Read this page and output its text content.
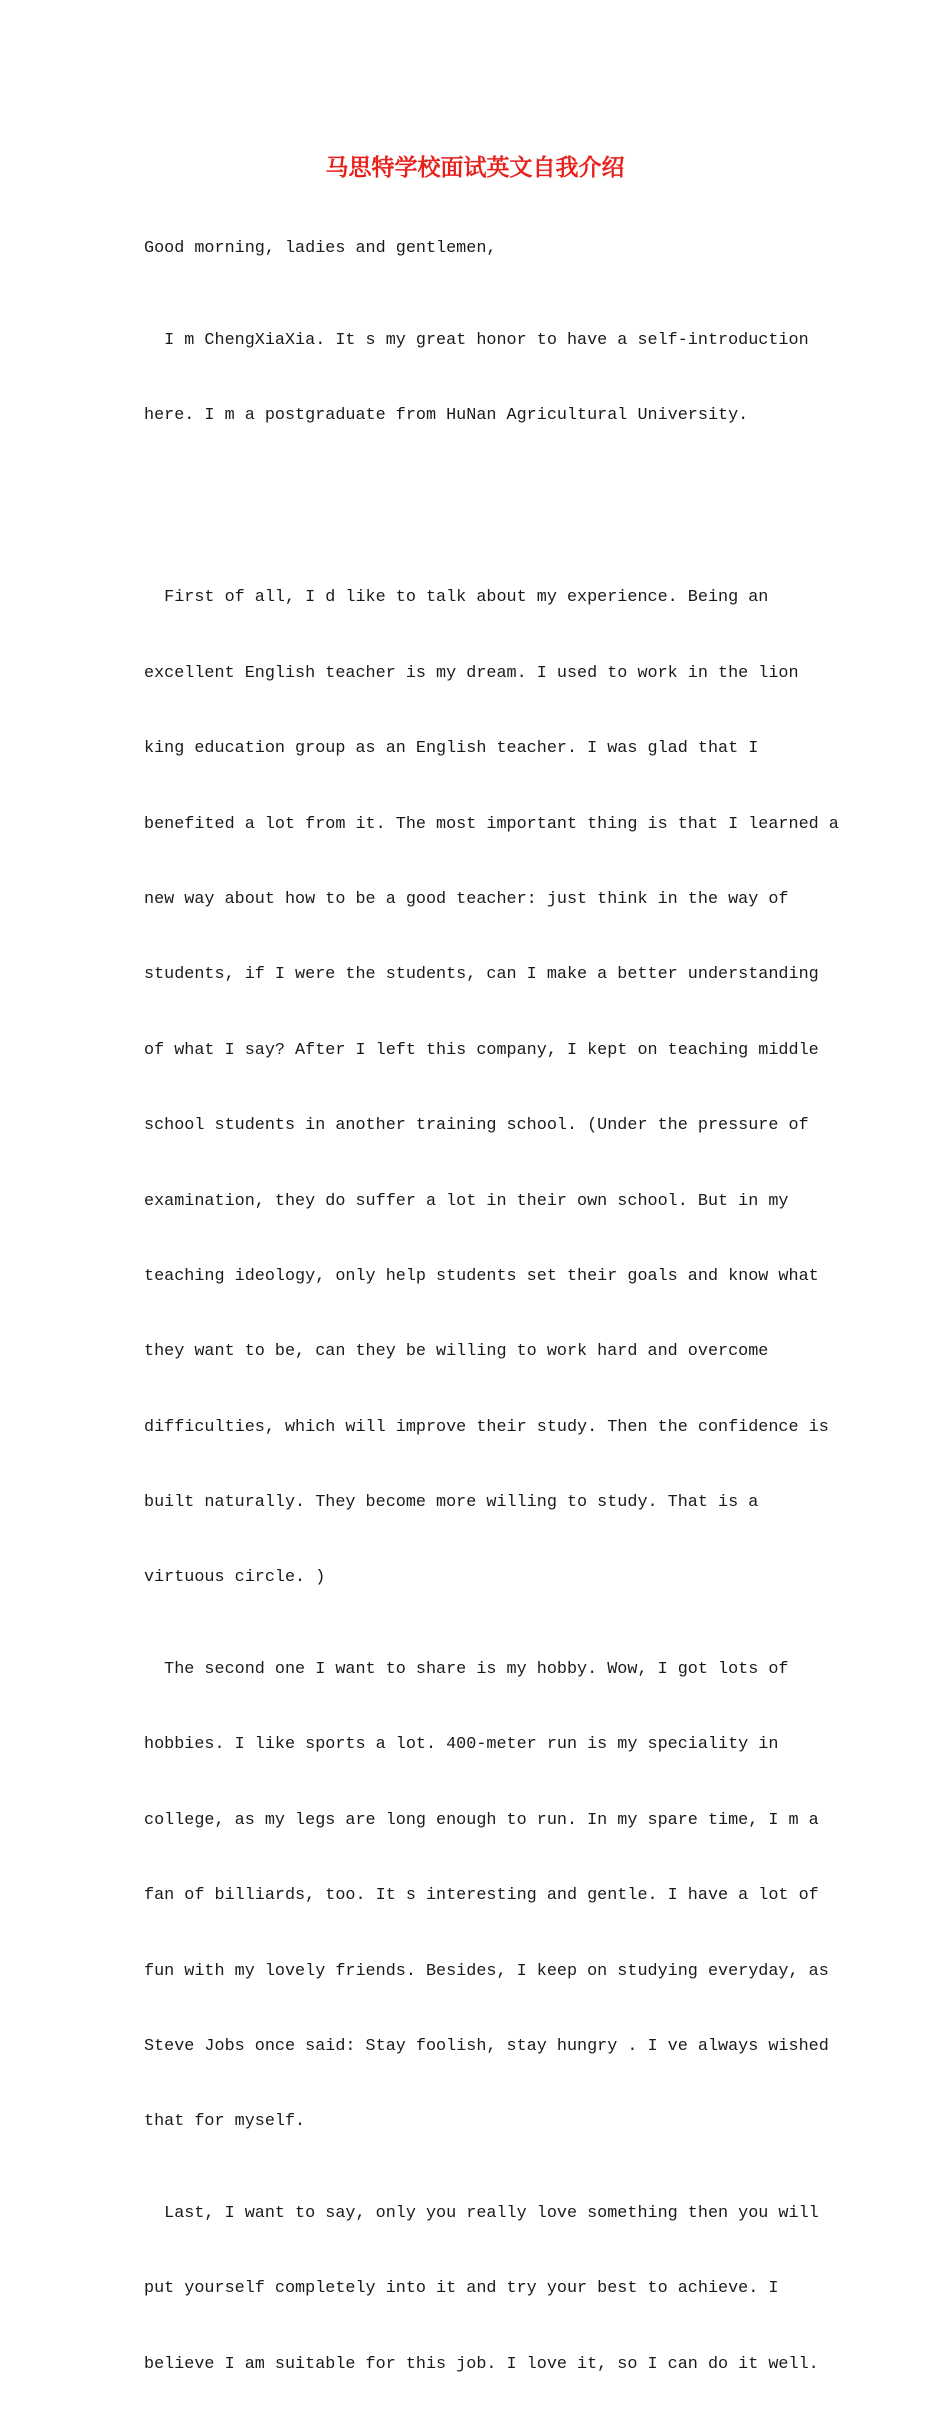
马思特学校面试英文自我介绍

Good morning, ladies and gentlemen,

I m ChengXiaXia. It s my great honor to have a self-introduction

here. I m a postgraduate from HuNan Agricultural University.

First of all, I d like to talk about my experience. Being an

excellent English teacher is my dream. I used to work in the lion

king education group as an English teacher. I was glad that I

benefited a lot from it. The most important thing is that I learned a

new way about how to be a good teacher: just think in the way of

students, if I were the students, can I make a better understanding

of what I say? After I left this company, I kept on teaching middle

school students in another training school. (Under the pressure of

examination, they do suffer a lot in their own school. But in my

teaching ideology, only help students set their goals and know what

they want to be, can they be willing to work hard and overcome

difficulties, which will improve their study. Then the confidence is

built naturally. They become more willing to study. That is a

virtuous circle. )

The second one I want to share is my hobby. Wow, I got lots of

hobbies. I like sports a lot. 400-meter run is my speciality in

college, as my legs are long enough to run. In my spare time, I m a

fan of billiards, too. It s interesting and gentle. I have a lot of

fun with my lovely friends. Besides, I keep on studying everyday, as

Steve Jobs once said: Stay foolish, stay hungry . I ve always wished

that for myself.

Last, I want to say, only you really love something then you will

put yourself completely into it and try your best to achieve. I

believe I am suitable for this job. I love it, so I can do it well.
